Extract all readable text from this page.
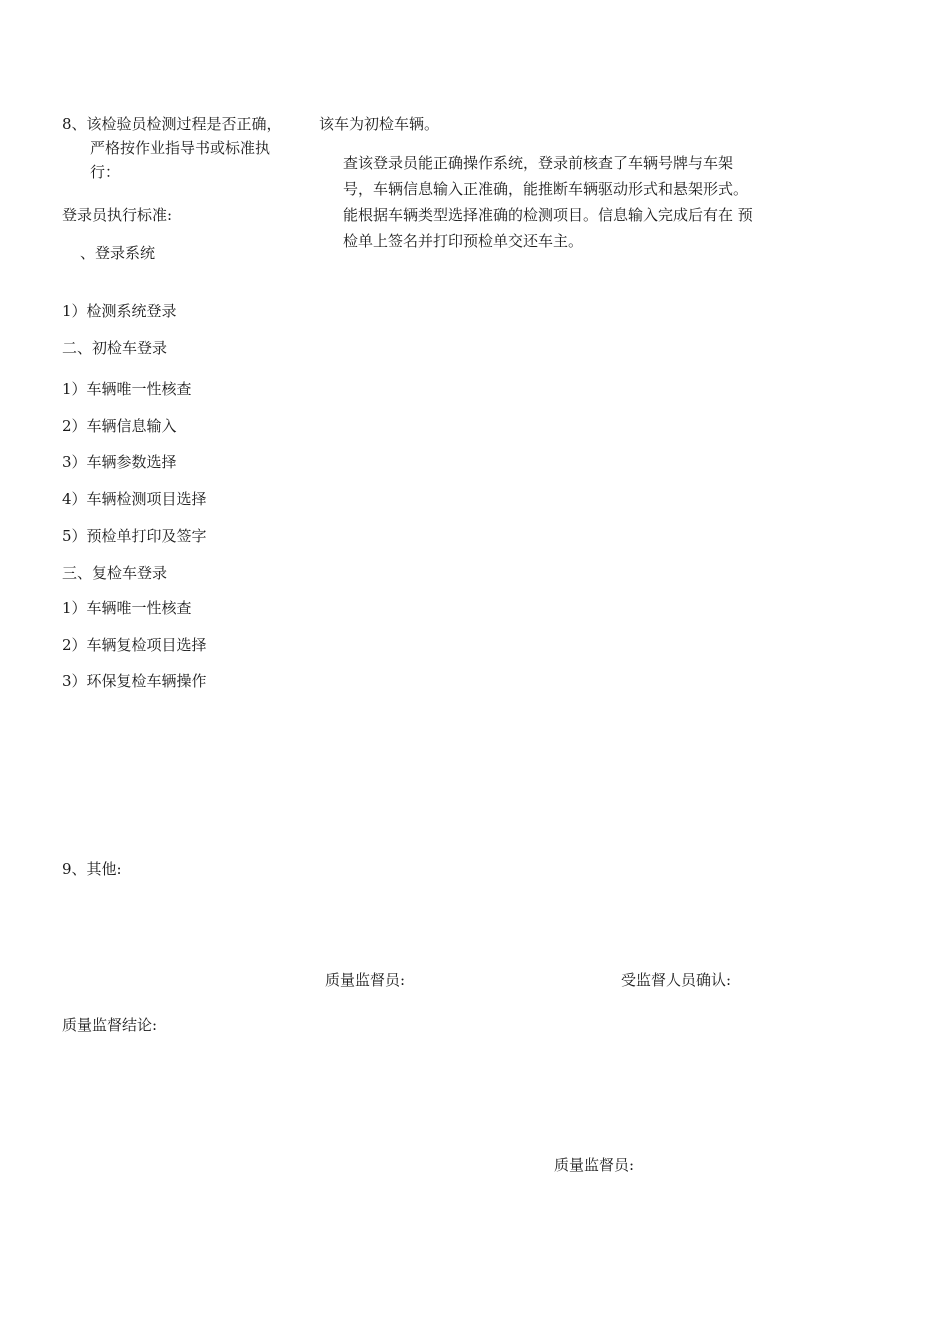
8、该检验员检测过程是否正确，
严格按作业指导书或标准执
行：
该车为初检车辆。
查该登录员能正确操作系统，登录前核查了车辆号牌与车架
号，车辆信息输入正准确，能推断车辆驱动形式和悬架形式。
能根据车辆类型选择准确的检测项目。信息输入完成后有在 预
检单上签名并打印预检单交还车主。
登录员执行标准:
、登录系统
1）检测系统登录
二、初检车登录
1）车辆唯一性核查
2）车辆信息输入
3）车辆参数选择
4）车辆检测项目选择
5）预检单打印及签字
三、复检车登录
1）车辆唯一性核查
2）车辆复检项目选择
3）环保复检车辆操作
9、其他:
质量监督员:	受监督人员确认:
质量监督结论:
质量监督员:
